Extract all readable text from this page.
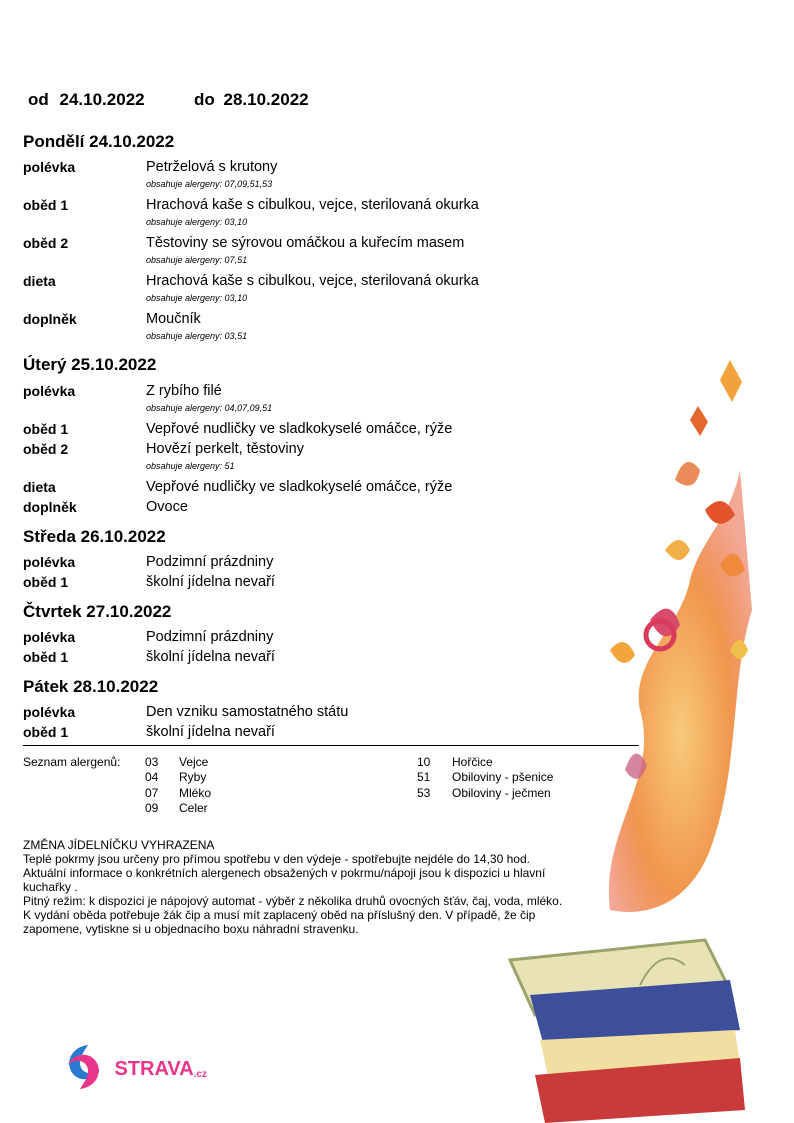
od 24.10.2022	do 28.10.2022
Pondělí 24.10.2022
polévka	Petrželová s krutony
obsahuje alergeny: 07,09,51,53
oběd 1	Hrachová kaše s cibulkou, vejce, sterilovaná okurka
obsahuje alergeny: 03,10
oběd 2	Těstoviny se sýrovou omáčkou a kuřecím masem
obsahuje alergeny: 07,51
dieta	Hrachová kaše s cibulkou, vejce, sterilovaná okurka
obsahuje alergeny: 03,10
doplněk	Moučník
obsahuje alergeny: 03,51
Úterý 25.10.2022
polévka	Z rybího filé
obsahuje alergeny: 04,07,09,51
oběd 1	Vepřové nudličky ve sladkokyselé omáčce, rýže
oběd 2	Hovězí perkelt, těstoviny
obsahuje alergeny: 51
dieta	Vepřové nudličky ve sladkokyselé omáčce, rýže
doplněk	Ovoce
Středa 26.10.2022
polévka	Podzimní prázdniny
oběd 1	školní jídelna nevaří
Čtvrtek 27.10.2022
polévka	Podzimní prázdniny
oběd 1	školní jídelna nevaří
Pátek 28.10.2022
polévka	Den vzniku samostatného státu
oběd 1	školní jídelna nevaří
Seznam alergenů: 03 Vejce
04 Ryby
07 Mléko
09 Celer
10 Hořčice
51 Obiloviny - pšenice
53 Obiloviny - ječmen
ZMĚNA JÍDELNÍČKU VYHRAZENA
Teplé pokrmy jsou určeny pro přímou spotřebu v den výdeje - spotřebujte nejdéle do 14,30 hod.
Aktuální informace o konkrétních alergenech obsažených v pokrmu/nápoji jsou k dispozici u hlavní
kuchařky .
Pitný režim: k dispozici je nápojový automat - výběr z několika druhů ovocných šťáv, čaj, voda, mléko.
K vydání oběda potřebuje žák čip a musí mít zaplacený oběd na příslušný den. V případě, že čip
zapomene, vytiskne si u objednacího boxu náhradní stravenku.
$STRAVA_{.cz}$
